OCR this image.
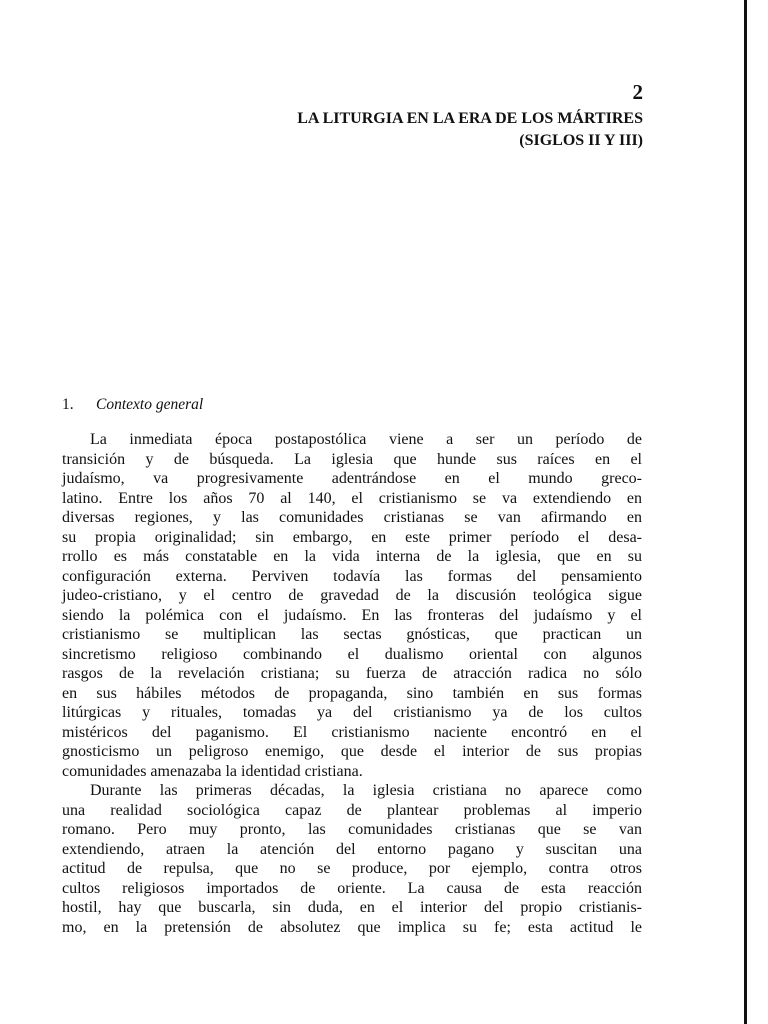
2
LA LITURGIA EN LA ERA DE LOS MÁRTIRES
(SIGLOS II Y III)
1. Contexto general

La inmediata época postapostólica viene a ser un período de
transición y de búsqueda. La iglesia que hunde sus raíces en el
judaísmo, va progresivamente adentrándose en el mundo greco-
latino. Entre los años 70 al 140, el cristianismo se va extendiendo en
diversas regiones, y las comunidades cristianas se van afirmando en
su propia originalidad; sin embargo, en este primer período el desa-
rrollo es más constatable en la vida interna de la iglesia, que en su
configuración externa. Perviven todavía las formas del pensamiento
judeo-cristiano, y el centro de gravedad de la discusión teológica sigue
siendo la polémica con el judaísmo. En las fronteras del judaísmo y el
cristianismo se multiplican las sectas gnósticas, que practican un
sincretismo religioso combinando el dualismo oriental con algunos
rasgos de la revelación cristiana; su fuerza de atracción radica no sólo
en sus hábiles métodos de propaganda, sino también en sus formas
litúrgicas y rituales, tomadas ya del cristianismo ya de los cultos
mistéricos del paganismo. El cristianismo naciente encontró en el
gnosticismo un peligroso enemigo, que desde el interior de sus propias
comunidades amenazaba la identidad cristiana.

Durante las primeras décadas, la iglesia cristiana no aparece como
una realidad sociológica capaz de plantear problemas al imperio
romano. Pero muy pronto, las comunidades cristianas que se van
extendiendo, atraen la atención del entorno pagano y suscitan una
actitud de repulsa, que no se produce, por ejemplo, contra otros
cultos religiosos importados de oriente. La causa de esta reacción
hostil, hay que buscarla, sin duda, en el interior del propio cristianis-
mo, en la pretensión de absolutez que implica su fe; esta actitud le
